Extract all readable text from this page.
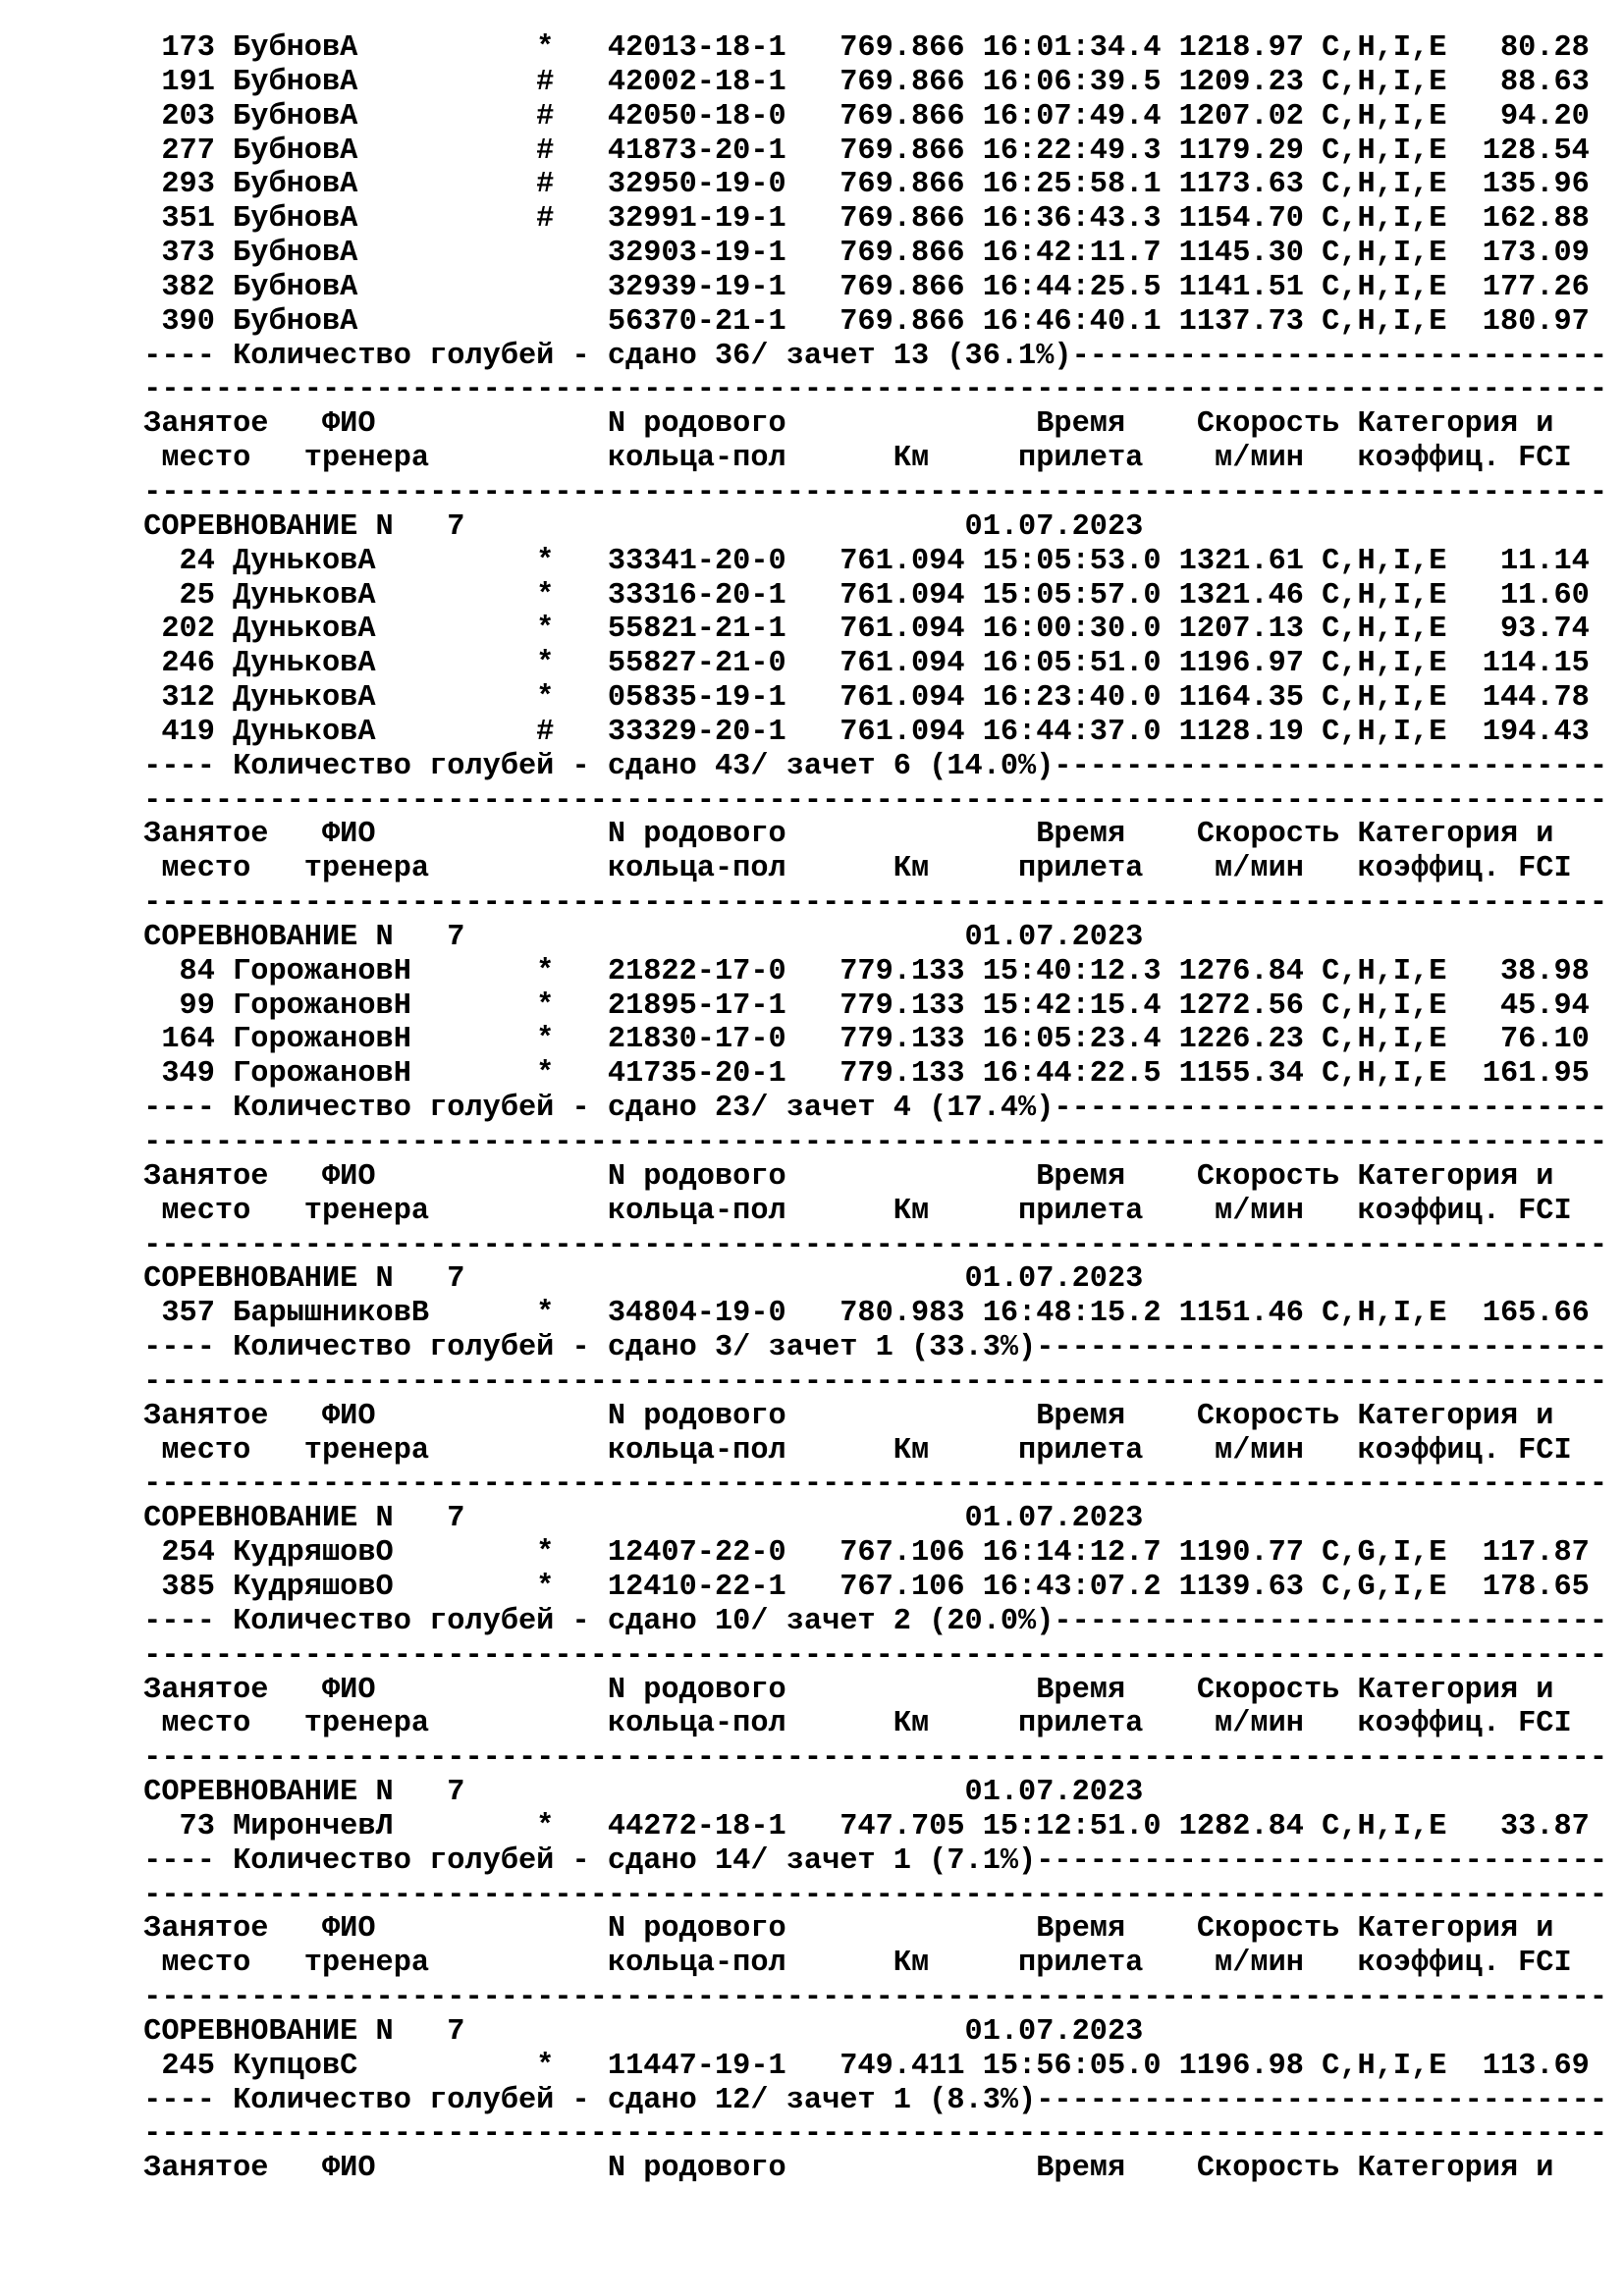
173 БубновА          *   42013-18-1   769.866 16:01:34.4 1218.97 C,H,I,E   80.28
191 БубновА          #   42002-18-1   769.866 16:06:39.5 1209.23 C,H,I,E   88.63
203 БубновА          #   42050-18-0   769.866 16:07:49.4 1207.02 C,H,I,E   94.20
277 БубновА          #   41873-20-1   769.866 16:22:49.3 1179.29 C,H,I,E  128.54
293 БубновА          #   32950-19-0   769.866 16:25:58.1 1173.63 C,H,I,E  135.96
351 БубновА          #   32991-19-1   769.866 16:36:43.3 1154.70 C,H,I,E  162.88
373 БубновА              32903-19-1   769.866 16:42:11.7 1145.30 C,H,I,E  173.09
382 БубновА              32939-19-1   769.866 16:44:25.5 1141.51 C,H,I,E  177.26
390 БубновА              56370-21-1   769.866 16:46:40.1 1137.73 C,H,I,E  180.97
---- Количество голубей - сдано 36/ зачет 13 (36.1%)------------------------------
----------------------------------------------------------------------------------
Занятое   ФИО             N родового              Время    Скорость Категория и
место   тренера          кольца-пол      Км     прилета    м/мин   коэффиц. FCI
----------------------------------------------------------------------------------
СОРЕВНОВАНИЕ N   7                            01.07.2023
24 ДуньковА         *   33341-20-0   761.094 15:05:53.0 1321.61 C,H,I,E   11.14
25 ДуньковА         *   33316-20-1   761.094 15:05:57.0 1321.46 C,H,I,E   11.60
202 ДуньковА         *   55821-21-1   761.094 16:00:30.0 1207.13 C,H,I,E   93.74
246 ДуньковА         *   55827-21-0   761.094 16:05:51.0 1196.97 C,H,I,E  114.15
312 ДуньковА         *   05835-19-1   761.094 16:23:40.0 1164.35 C,H,I,E  144.78
419 ДуньковА         #   33329-20-1   761.094 16:44:37.0 1128.19 C,H,I,E  194.43
---- Количество голубей - сдано 43/ зачет 6 (14.0%)-------------------------------
----------------------------------------------------------------------------------
Занятое   ФИО             N родового              Время    Скорость Категория и
место   тренера          кольца-пол      Км     прилета    м/мин   коэффиц. FCI
----------------------------------------------------------------------------------
СОРЕВНОВАНИЕ N   7                            01.07.2023
84 ГорожановН       *   21822-17-0   779.133 15:40:12.3 1276.84 C,H,I,E   38.98
99 ГорожановН       *   21895-17-1   779.133 15:42:15.4 1272.56 C,H,I,E   45.94
164 ГорожановН       *   21830-17-0   779.133 16:05:23.4 1226.23 C,H,I,E   76.10
349 ГорожановН       *   41735-20-1   779.133 16:44:22.5 1155.34 C,H,I,E  161.95
---- Количество голубей - сдано 23/ зачет 4 (17.4%)-------------------------------
----------------------------------------------------------------------------------
Занятое   ФИО             N родового              Время    Скорость Категория и
место   тренера          кольца-пол      Км     прилета    м/мин   коэффиц. FCI
----------------------------------------------------------------------------------
СОРЕВНОВАНИЕ N   7                            01.07.2023
357 БарышниковВ      *   34804-19-0   780.983 16:48:15.2 1151.46 C,H,I,E  165.66
---- Количество голубей - сдано 3/ зачет 1 (33.3%)--------------------------------
----------------------------------------------------------------------------------
Занятое   ФИО             N родового              Время    Скорость Категория и
место   тренера          кольца-пол      Км     прилета    м/мин   коэффиц. FCI
----------------------------------------------------------------------------------
СОРЕВНОВАНИЕ N   7                            01.07.2023
254 КудряшовО        *   12407-22-0   767.106 16:14:12.7 1190.77 C,G,I,E  117.87
385 КудряшовО        *   12410-22-1   767.106 16:43:07.2 1139.63 C,G,I,E  178.65
---- Количество голубей - сдано 10/ зачет 2 (20.0%)-------------------------------
----------------------------------------------------------------------------------
Занятое   ФИО             N родового              Время    Скорость Категория и
место   тренера          кольца-пол      Км     прилета    м/мин   коэффиц. FCI
----------------------------------------------------------------------------------
СОРЕВНОВАНИЕ N   7                            01.07.2023
73 МирончевЛ        *   44272-18-1   747.705 15:12:51.0 1282.84 C,H,I,E   33.87
---- Количество голубей - сдано 14/ зачет 1 (7.1%)--------------------------------
----------------------------------------------------------------------------------
Занятое   ФИО             N родового              Время    Скорость Категория и
место   тренера          кольца-пол      Км     прилета    м/мин   коэффиц. FCI
----------------------------------------------------------------------------------
СОРЕВНОВАНИЕ N   7                            01.07.2023
245 КупцовС          *   11447-19-1   749.411 15:56:05.0 1196.98 C,H,I,E  113.69
---- Количество голубей - сдано 12/ зачет 1 (8.3%)--------------------------------
----------------------------------------------------------------------------------
Занятое   ФИО             N родового              Время    Скорость Категория и
